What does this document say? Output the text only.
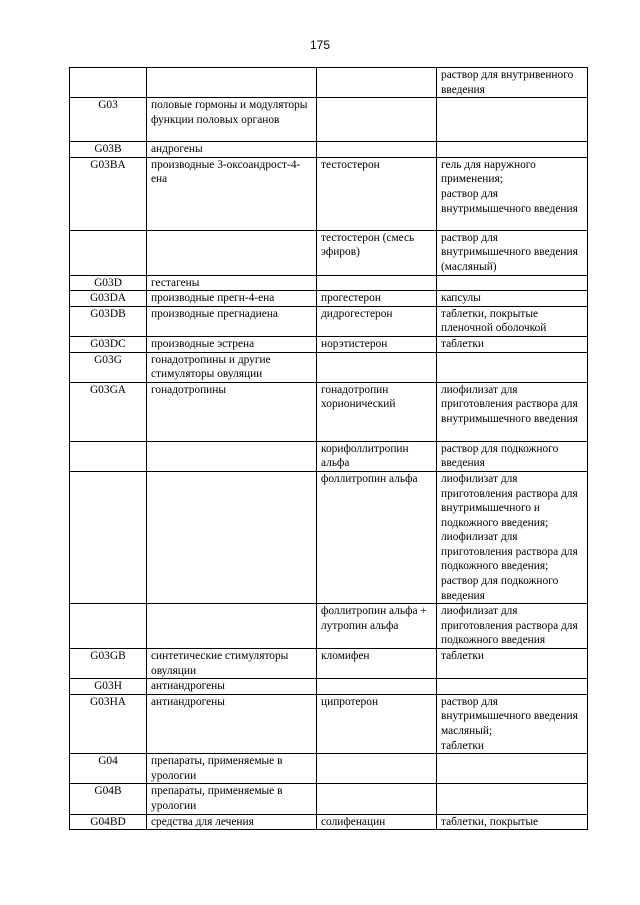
175
			раствор для внутривенного введения
G03	половые гормоны и модуляторы функции половых органов		
G03B	андрогены		
G03BA	производные 3-оксоандрост-4-ена	тестостерон	гель для наружного применения;
раствор для внутримышечного введения
		тестостерон (смесь эфиров)	раствор для внутримышечного введения (масляный)
G03D	гестагены		
G03DA	производные прегн-4-ена	прогестерон	капсулы
G03DB	производные прегнадиена	дидрогестерон	таблетки, покрытые пленочной оболочкой
G03DC	производные эстрена	норэтистерон	таблетки
G03G	гонадотропины и другие стимуляторы овуляции		
G03GA	гонадотропины	гонадотропин хорионический	лиофилизат для приготовления раствора для внутримышечного введения
		корифоллитропин альфа	раствор для подкожного введения
		фоллитропин альфа	лиофилизат для приготовления раствора для внутримышечного и подкожного введения;
лиофилизат для приготовления раствора для подкожного введения;
раствор для подкожного введения
		фоллитропин альфа + лутропин альфа	лиофилизат для приготовления раствора для подкожного введения
G03GB	синтетические стимуляторы овуляции	кломифен	таблетки
G03H	антиандрогены		
G03HA	антиандрогены	ципротерон	раствор для внутримышечного введения масляный;
таблетки
G04	препараты, применяемые в урологии		
G04B	препараты, применяемые в урологии		
G04BD	средства для лечения	солифенацин	таблетки, покрытые
